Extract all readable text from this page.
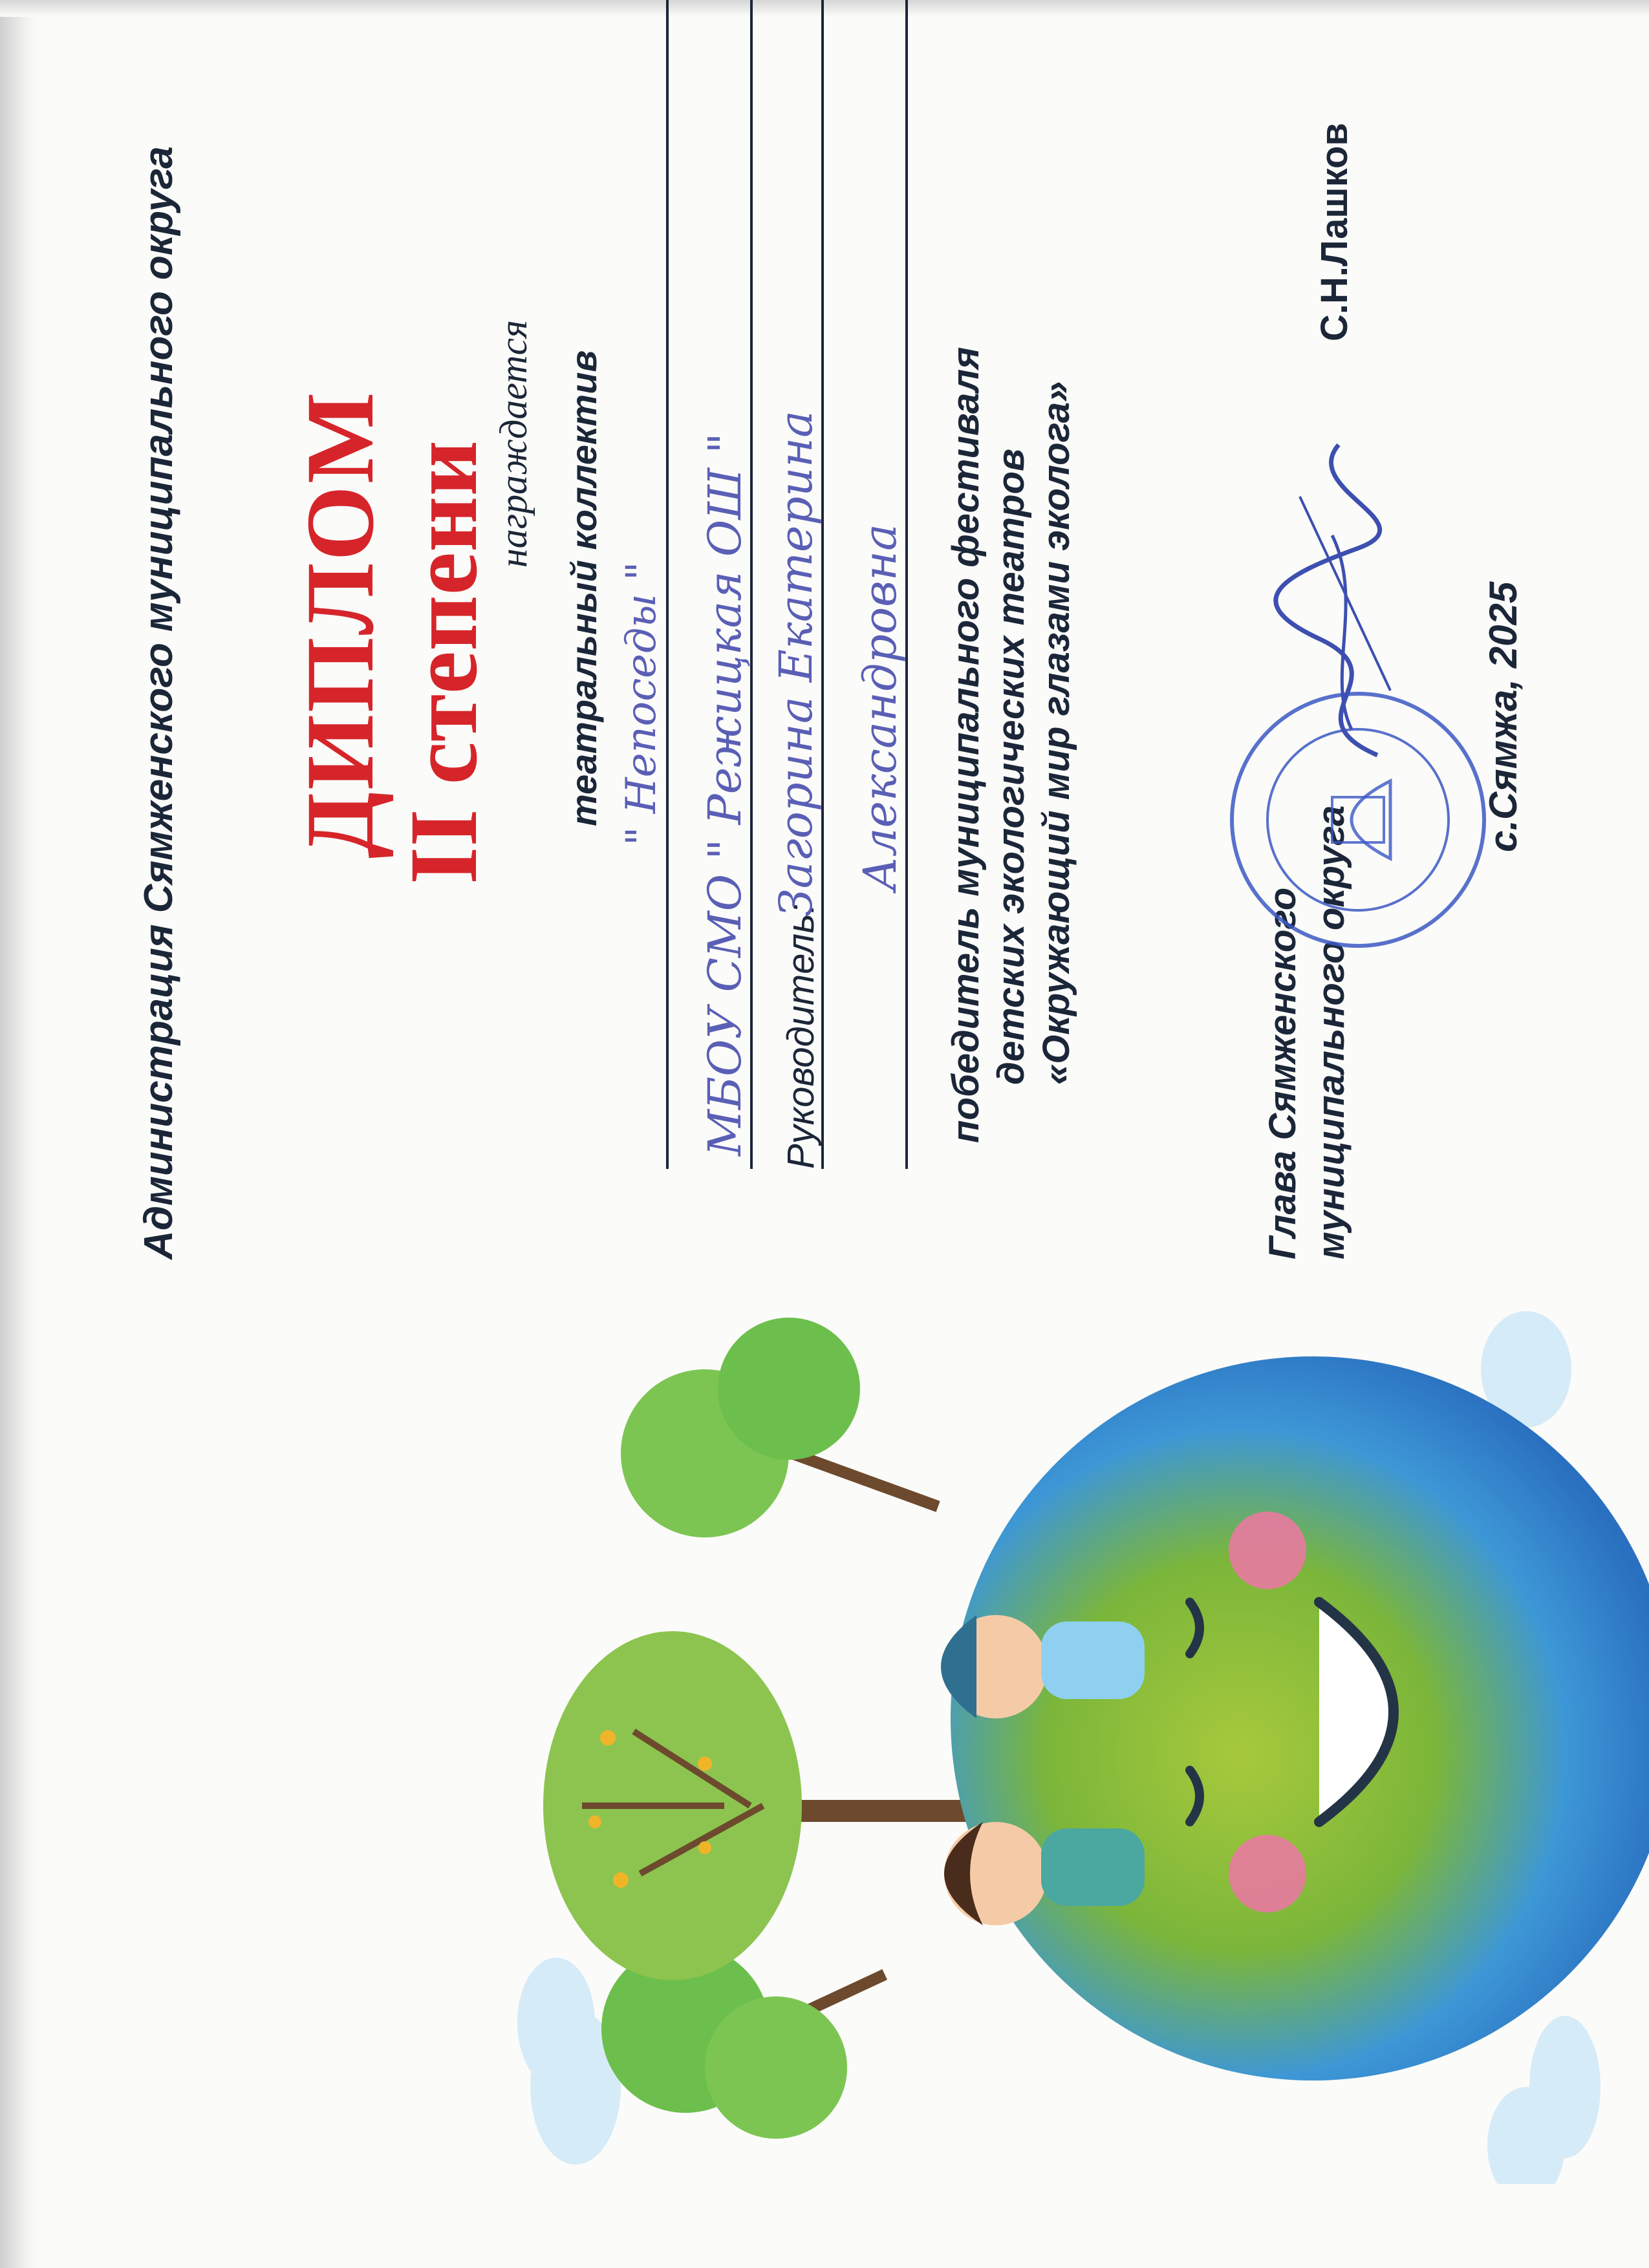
Администрация Сямженского муниципального округа ДИПЛОМ
II степени
награждается театральный коллектив " Непоседы " МБОУ СМО " Режицкая ОШ " Руководитель:
Загорина Екатерина Александровна победитель муниципального фестиваля детских экологических театров «Окружающий мир глазами эколога»	Глава Сямженского муниципального округа
С.Н.Лашков
с.Сямжа, 2025
